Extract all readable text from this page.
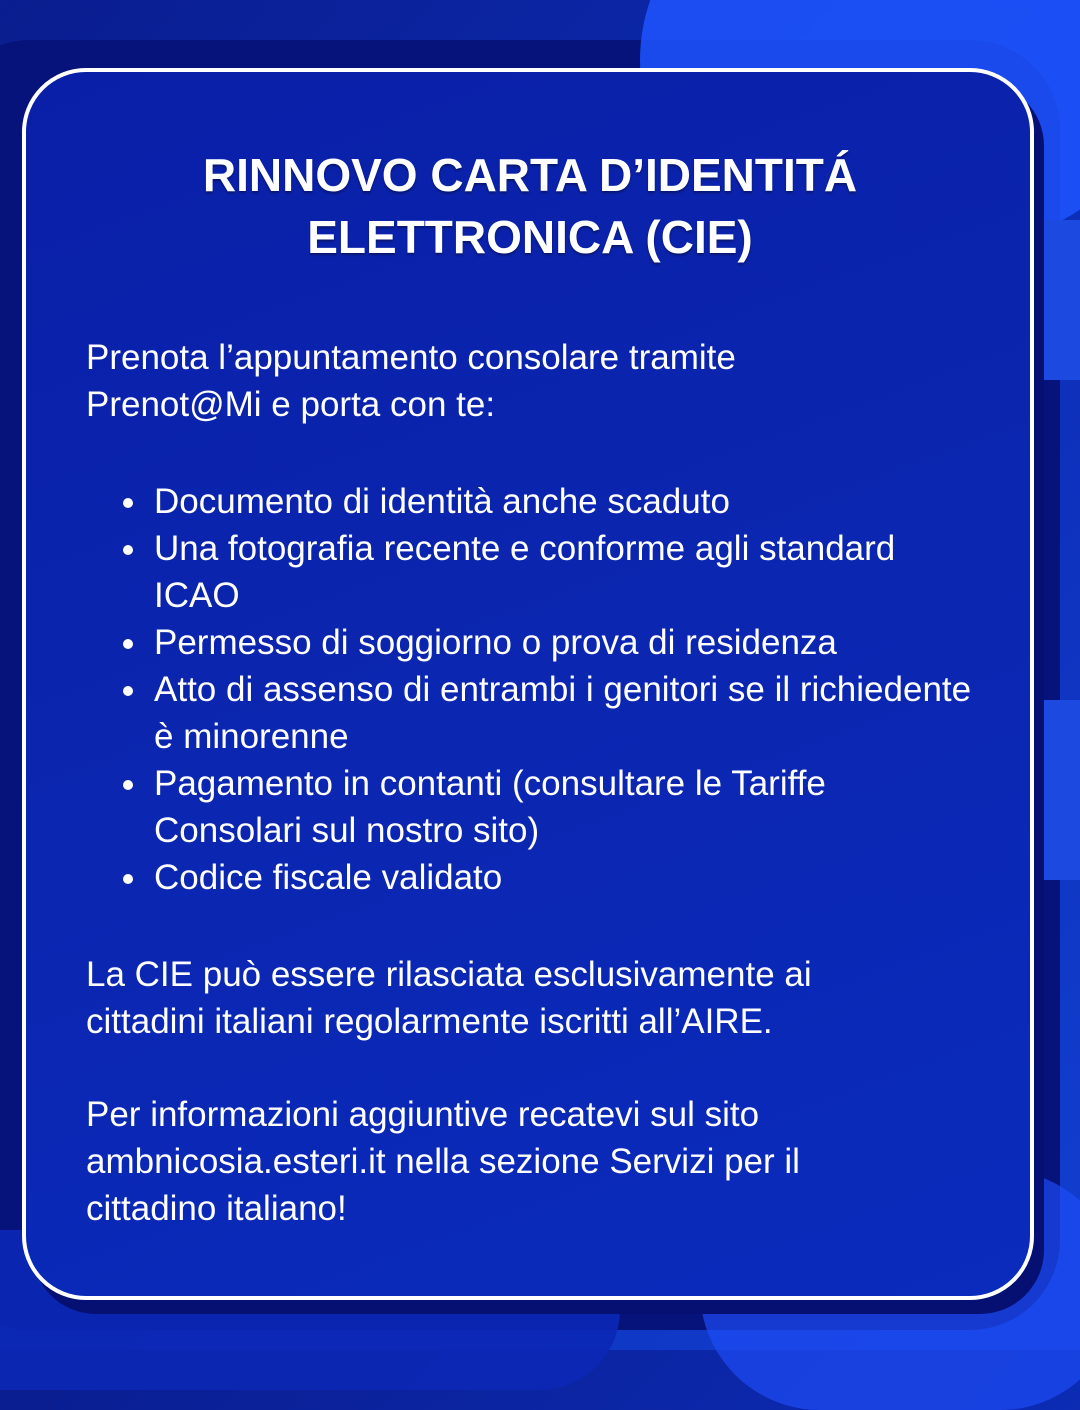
RINNOVO CARTA D’IDENTITÁ
ELETTRONICA (CIE)
Prenota l’appuntamento consolare tramite
Prenot@Mi e porta con te:
Documento di identità anche scaduto
Una fotografia recente e conforme agli standard ICAO
Permesso di soggiorno o prova di residenza
Atto di assenso di entrambi i genitori se il richiedente è minorenne
Pagamento in contanti (consultare le Tariffe Consolari sul nostro sito)
Codice fiscale validato
La CIE può essere rilasciata esclusivamente ai
cittadini italiani regolarmente iscritti all’AIRE.
Per informazioni aggiuntive recatevi sul sito
ambnicosia.esteri.it nella sezione Servizi per il
cittadino italiano!
